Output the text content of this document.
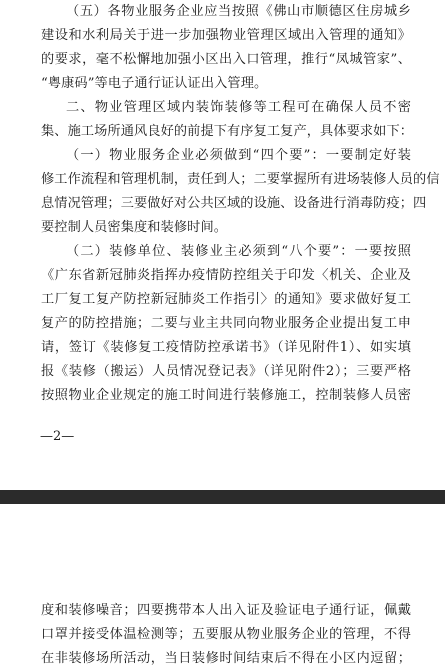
（五）各物业服务企业应当按照《佛山市顺德区住房城乡
建设和水利局关于进一步加强物业管理区域出入管理的通知》
的要求，毫不松懈地加强小区出入口管理，推行“凤城管家”、
“粤康码”等电子通行证认证出入管理。
二、物业管理区域内装饰装修等工程可在确保人员不密
集、施工场所通风良好的前提下有序复工复产，具体要求如下：
（一）物业服务企业必须做到“四个要”：一要制定好装
修工作流程和管理机制，责任到人；二要掌握所有进场装修人员的信
息情况管理；三要做好对公共区域的设施、设备进行消毒防疫；四
要控制人员密集度和装修时间。
（二）装修单位、装修业主必须到“八个要”：一要按照
《广东省新冠肺炎指挥办疫情防控组关于印发〈机关、企业及
工厂复工复产防控新冠肺炎工作指引〉的通知》要求做好复工
复产的防控措施；二要与业主共同向物业服务企业提出复工申
请，签订《装修复工疫情防控承诺书》（详见附件1）、如实填
报《装修（搬运）人员情况登记表》（详见附件2）；三要严格
按照物业企业规定的施工时间进行装修施工，控制装修人员密
—2—
度和装修噪音；四要携带本人出入证及验证电子通行证，佩戴
口罩并接受体温检测等；五要服从物业服务企业的管理，不得
在非装修场所活动，当日装修时间结束后不得在小区内逗留；
